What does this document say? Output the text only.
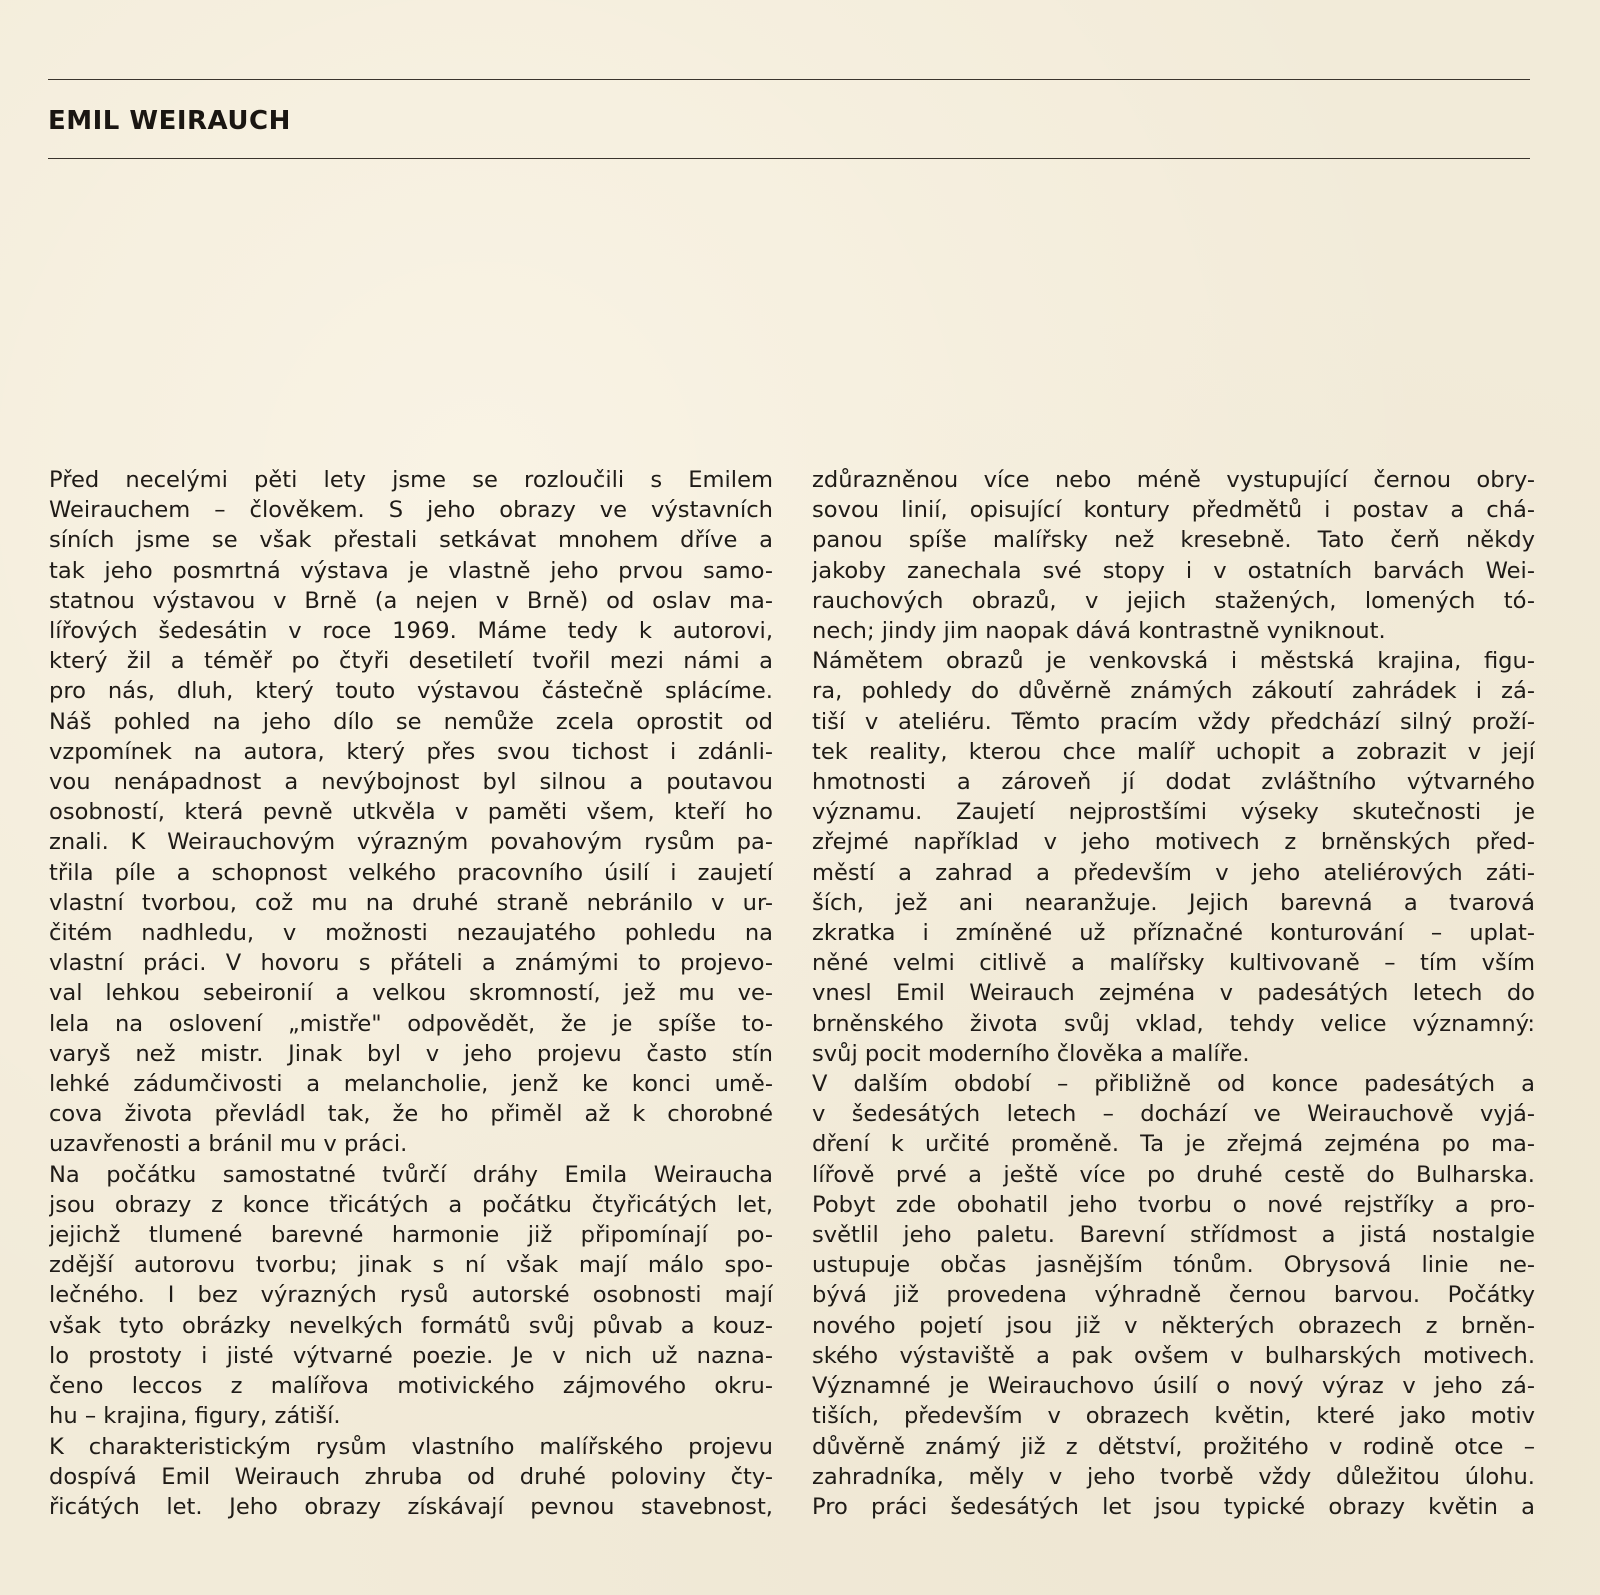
EMIL WEIRAUCH
Před necelými pěti lety jsme se rozloučili s Emilem
Weirauchem – člověkem. S jeho obrazy ve výstavních
síních jsme se však přestali setkávat mnohem dříve a
tak jeho posmrtná výstava je vlastně jeho prvou samo-
statnou výstavou v Brně (a nejen v Brně) od oslav ma-
lířových šedesátin v roce 1969. Máme tedy k autorovi,
který žil a téměř po čtyři desetiletí tvořil mezi námi a
pro nás, dluh, který touto výstavou částečně splácíme.
Náš pohled na jeho dílo se nemůže zcela oprostit od
vzpomínek na autora, který přes svou tichost i zdánli-
vou nenápadnost a nevýbojnost byl silnou a poutavou
osobností, která pevně utkvěla v paměti všem, kteří ho
znali. K Weirauchovým výrazným povahovým rysům pa-
třila píle a schopnost velkého pracovního úsilí i zaujetí
vlastní tvorbou, což mu na druhé straně nebránilo v ur-
čitém nadhledu, v možnosti nezaujatého pohledu na
vlastní práci. V hovoru s přáteli a známými to projevo-
val lehkou sebeironií a velkou skromností, jež mu ve-
lela na oslovení „mistře" odpovědět, že je spíše to-
varyš než mistr. Jinak byl v jeho projevu často stín
lehké zádumčivosti a melancholie, jenž ke konci umě-
cova života převládl tak, že ho přiměl až k chorobné
uzavřenosti a bránil mu v práci.
Na počátku samostatné tvůrčí dráhy Emila Weiraucha
jsou obrazy z konce třicátých a počátku čtyřicátých let,
jejichž tlumené barevné harmonie již připomínají po-
zdější autorovu tvorbu; jinak s ní však mají málo spo-
lečného. I bez výrazných rysů autorské osobnosti mají
však tyto obrázky nevelkých formátů svůj půvab a kouz-
lo prostoty i jisté výtvarné poezie. Je v nich už nazna-
čeno leccos z malířova motivického zájmového okru-
hu – krajina, figury, zátiší.
K charakteristickým rysům vlastního malířského projevu
dospívá Emil Weirauch zhruba od druhé poloviny čty-
řicátých let. Jeho obrazy získávají pevnou stavebnost,
zdůrazněnou více nebo méně vystupující černou obry-
sovou linií, opisující kontury předmětů i postav a chá-
panou spíše malířsky než kresebně. Tato čerň někdy
jakoby zanechala své stopy i v ostatních barvách Wei-
rauchových obrazů, v jejich stažených, lomených tó-
nech; jindy jim naopak dává kontrastně vyniknout.
Námětem obrazů je venkovská i městská krajina, figu-
ra, pohledy do důvěrně známých zákoutí zahrádek i zá-
tiší v ateliéru. Těmto pracím vždy předchází silný proží-
tek reality, kterou chce malíř uchopit a zobrazit v její
hmotnosti a zároveň jí dodat zvláštního výtvarného
významu. Zaujetí nejprostšími výseky skutečnosti je
zřejmé například v jeho motivech z brněnských před-
městí a zahrad a především v jeho ateliérových záti-
ších, jež ani nearanžuje. Jejich barevná a tvarová
zkratka i zmíněné už příznačné konturování – uplat-
něné velmi citlivě a malířsky kultivovaně – tím vším
vnesl Emil Weirauch zejména v padesátých letech do
brněnského života svůj vklad, tehdy velice významný:
svůj pocit moderního člověka a malíře.
V dalším období – přibližně od konce padesátých a
v šedesátých letech – dochází ve Weirauchově vyjá-
dření k určité proměně. Ta je zřejmá zejména po ma-
lířově prvé a ještě více po druhé cestě do Bulharska.
Pobyt zde obohatil jeho tvorbu o nové rejstříky a pro-
světlil jeho paletu. Barevní střídmost a jistá nostalgie
ustupuje občas jasnějším tónům. Obrysová linie ne-
bývá již provedena výhradně černou barvou. Počátky
nového pojetí jsou již v některých obrazech z brněn-
ského výstaviště a pak ovšem v bulharských motivech.
Významné je Weirauchovo úsilí o nový výraz v jeho zá-
tiších, především v obrazech květin, které jako motiv
důvěrně známý již z dětství, prožitého v rodině otce –
zahradníka, měly v jeho tvorbě vždy důležitou úlohu.
Pro práci šedesátých let jsou typické obrazy květin a
